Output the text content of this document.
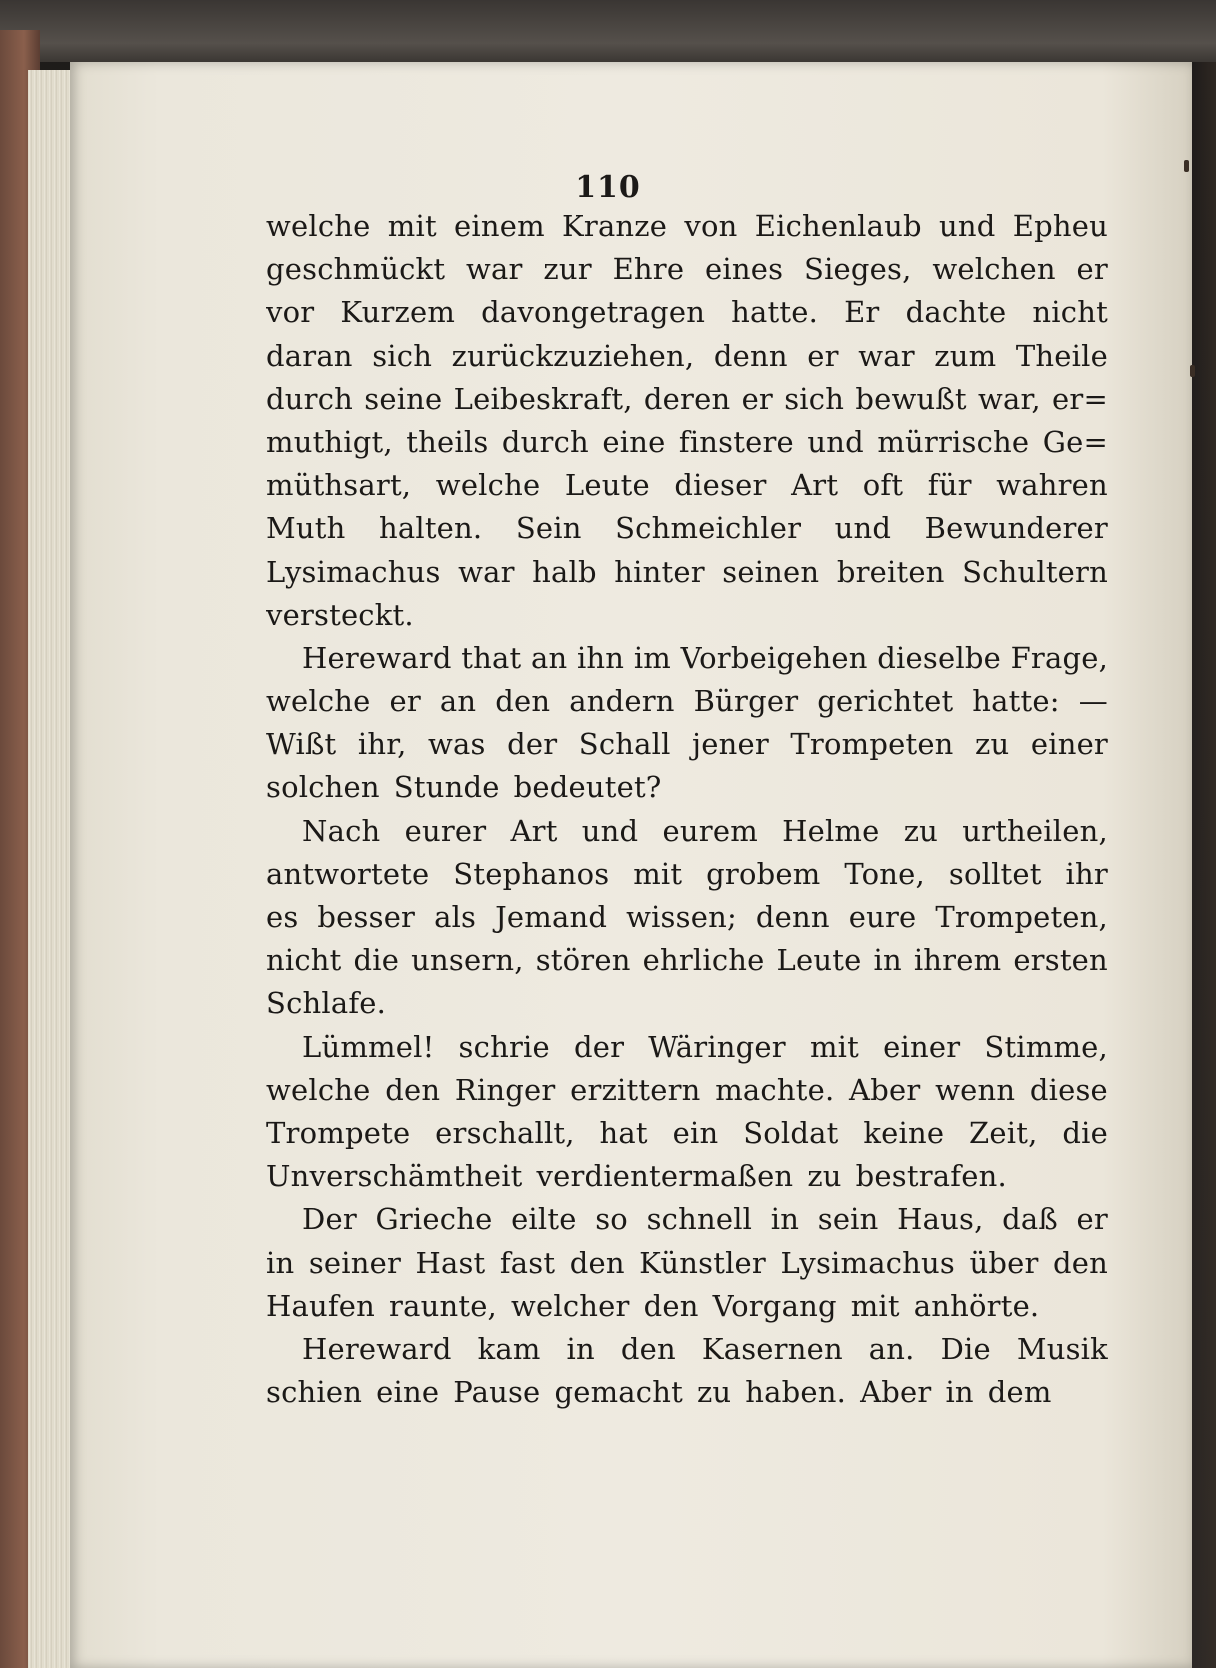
110
welche mit einem Kranze von Eichenlaub und Epheu
geschmückt war zur Ehre eines Sieges, welchen er
vor Kurzem davongetragen hatte. Er dachte nicht
daran sich zurückzuziehen, denn er war zum Theile
durch seine Leibeskraft, deren er sich bewußt war, er=
muthigt, theils durch eine finstere und mürrische Ge=
müthsart, welche Leute dieser Art oft für wahren
Muth halten. Sein Schmeichler und Bewunderer
Lysimachus war halb hinter seinen breiten Schultern
versteckt.
Hereward that an ihn im Vorbeigehen dieselbe Frage,
welche er an den andern Bürger gerichtet hatte: —
Wißt ihr, was der Schall jener Trompeten zu einer
solchen Stunde bedeutet?
Nach eurer Art und eurem Helme zu urtheilen,
antwortete Stephanos mit grobem Tone, solltet ihr
es besser als Jemand wissen; denn eure Trompeten,
nicht die unsern, stören ehrliche Leute in ihrem ersten
Schlafe.
Lümmel! schrie der Wäringer mit einer Stimme,
welche den Ringer erzittern machte. Aber wenn diese
Trompete erschallt, hat ein Soldat keine Zeit, die
Unverschämtheit verdientermaßen zu bestrafen.
Der Grieche eilte so schnell in sein Haus, daß er
in seiner Hast fast den Künstler Lysimachus über den
Haufen raunte, welcher den Vorgang mit anhörte.
Hereward kam in den Kasernen an. Die Musik
schien eine Pause gemacht zu haben. Aber in dem
